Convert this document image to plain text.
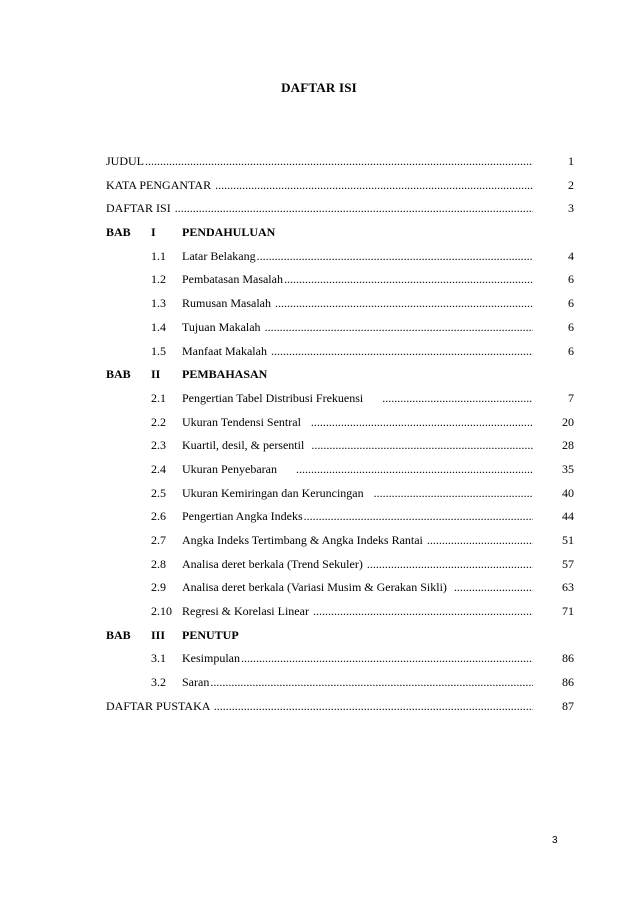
DAFTAR ISI
JUDUL .....	1
KATA PENGANTAR .....	2
DAFTAR ISI .....	3
BAB I PENDAHULUAN
1.1 Latar Belakang .....	4
1.2 Pembatasan Masalah .....	6
1.3 Rumusan Masalah .....	6
1.4 Tujuan Makalah .....	6
1.5 Manfaat Makalah .....	6
BAB II PEMBAHASAN
2.1 Pengertian Tabel Distribusi Frekuensi .....	7
2.2 Ukuran Tendensi Sentral .....	20
2.3 Kuartil, desil, & persentil .....	28
2.4 Ukuran Penyebaran .....	35
2.5 Ukuran Kemiringan dan Keruncingan .....	40
2.6 Pengertian Angka Indeks .....	44
2.7 Angka Indeks Tertimbang & Angka Indeks Rantai .....	51
2.8 Analisa deret berkala (Trend Sekuler) .....	57
2.9 Analisa deret berkala (Variasi Musim & Gerakan Sikli) .....	63
2.10 Regresi & Korelasi Linear .....	71
BAB III PENUTUP
3.1 Kesimpulan .....	86
3.2 Saran .....	86
DAFTAR PUSTAKA .....	87
3
